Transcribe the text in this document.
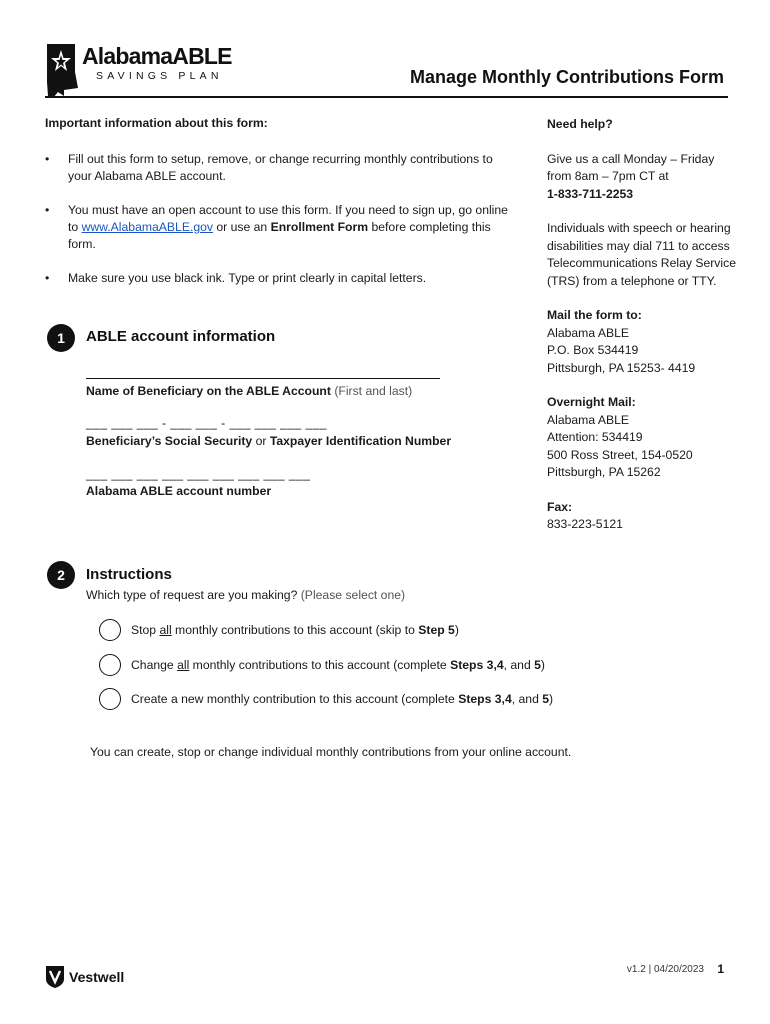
AlabamaABLE
SAVINGS PLAN	Manage Monthly Contributions Form
Important information about this form:
• Fill out this form to setup, remove, or change recurring monthly contributions to your Alabama ABLE account.
• You must have an open account to use this form. If you need to sign up, go online to www.AlabamaABLE.gov or use an Enrollment Form before completing this form.
• Make sure you use black ink. Type or print clearly in capital letters.
Need help?
Give us a call Monday – Friday from 8am – 7pm CT at
1-833-711-2253
Individuals with speech or hearing disabilities may dial 711 to access Telecommunications Relay Service (TRS) from a telephone or TTY.
Mail the form to:
Alabama ABLE
P.O. Box 534419
Pittsburgh, PA 15253- 4419
Overnight Mail:
Alabama ABLE
Attention: 534419
500 Ross Street, 154-0520
Pittsburgh, PA 15262
Fax:
833-223-5121
1	ABLE account information
Name of Beneficiary on the ABLE Account (First and last)
___ ___ ___ - ___ ___ - ___ ___ ___ ___
Beneficiary’s Social Security or Taxpayer Identification Number
___ ___ ___ ___ ___ ___ ___ ___ ___
Alabama ABLE account number
2	Instructions
Which type of request are you making? (Please select one)
Stop all monthly contributions to this account (skip to Step 5)
Change all monthly contributions to this account (complete Steps 3,4, and 5)
Create a new monthly contribution to this account (complete Steps 3,4, and 5)
You can create, stop or change individual monthly contributions from your online account.
Vestwell	v1.2 | 04/20/2023 1
